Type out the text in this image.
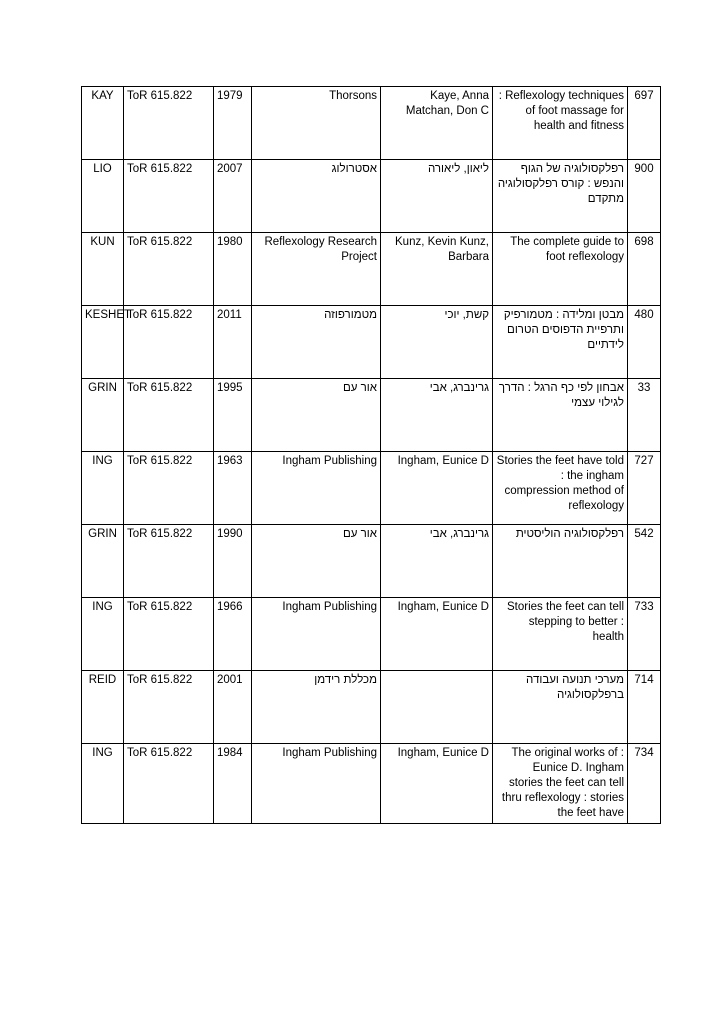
KAY	ToR 615.822	1979	Thorsons	Kaye, Anna Matchan, Don C	: Reflexology techniques of foot massage for health and fitness	697
LIO	ToR 615.822	2007	אסטרולוג	ליאון, ליאורה	רפלקסולוגיה של הגוף והנפש : קורס רפלקסולוגיה מתקדם	900
KUN	ToR 615.822	1980	Reflexology Research Project	Kunz, Kevin Kunz, Barbara	The complete guide to foot reflexology	698
KESHET	ToR 615.822	2011	מטמורפוזה	קשת, יוכי	מבטן ומלידה : מטמורפיק ותרפיית הדפוסים הטרום לידתיים	480
GRIN	ToR 615.822	1995	אור עם	גרינברג, אבי	אבחון לפי כף הרגל : הדרך לגילוי עצמי	33
ING	ToR 615.822	1963	Ingham Publishing	Ingham, Eunice D	Stories the feet have told : the ingham compression method of reflexology	727
GRIN	ToR 615.822	1990	אור עם	גרינברג, אבי	רפלקסולוגיה הוליסטית	542
ING	ToR 615.822	1966	Ingham Publishing	Ingham, Eunice D	Stories the feet can tell stepping to better : health	733
REID	ToR 615.822	2001	מכללת רידמן		מערכי תנועה ועבודה ברפלקסולוגיה	714
ING	ToR 615.822	1984	Ingham Publishing	Ingham, Eunice D	The original works of : Eunice D. Ingham stories the feet can tell thru reflexology : stories the feet have	734
